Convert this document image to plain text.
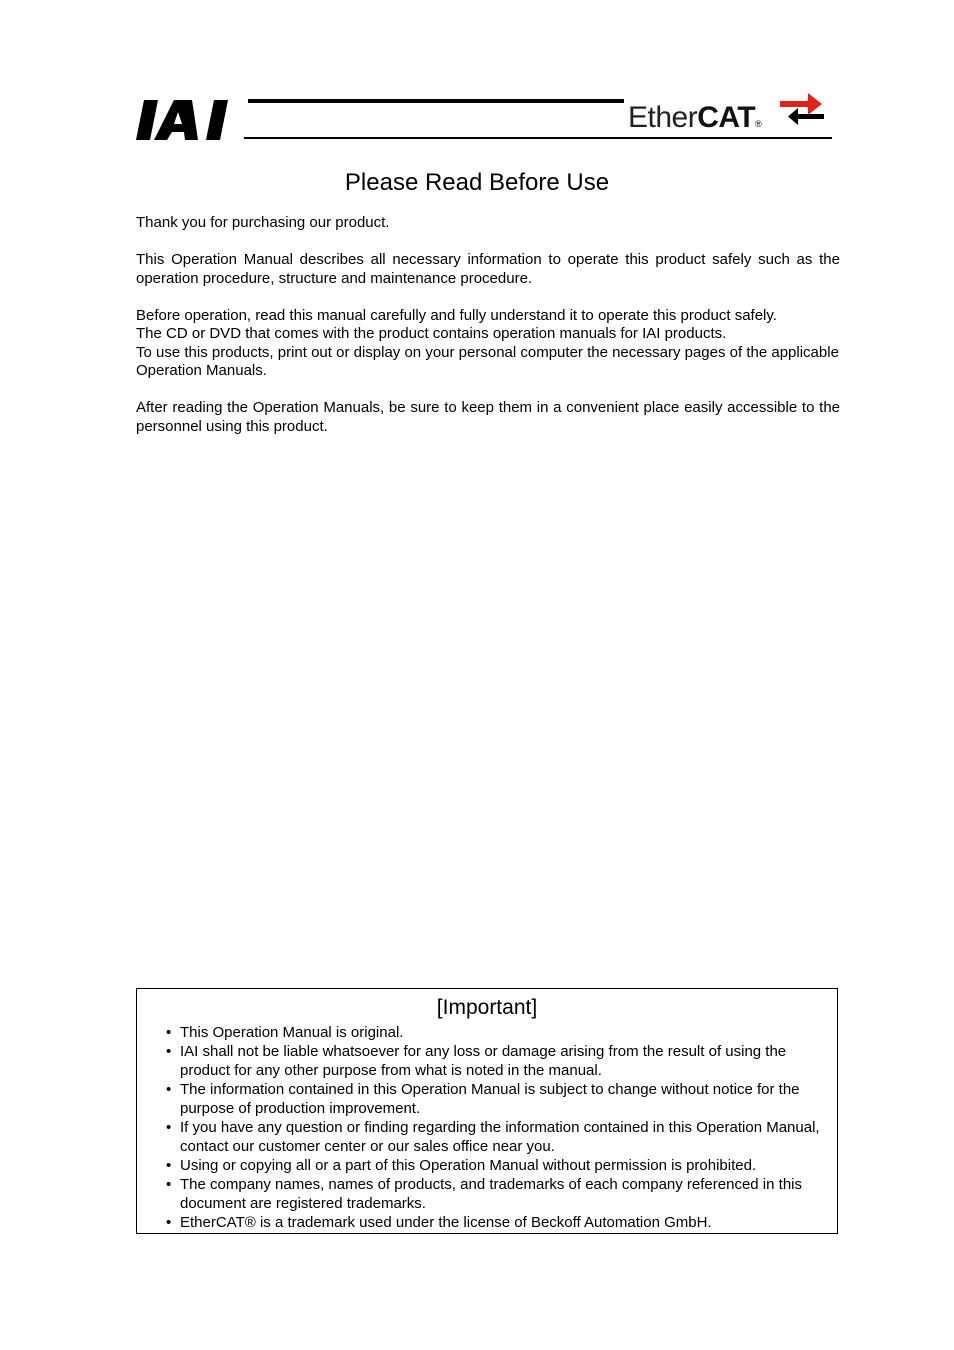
EtherCAT®
Please Read Before Use

Thank you for purchasing our product.

This Operation Manual describes all necessary information to operate this product safely such as the operation procedure, structure and maintenance procedure.

Before operation, read this manual carefully and fully understand it to operate this product safely.
The CD or DVD that comes with the product contains operation manuals for IAI products.
To use this products, print out or display on your personal computer the necessary pages of the applicable Operation Manuals.

After reading the Operation Manuals, be sure to keep them in a convenient place easily accessible to the personnel using this product.

[Important]
• This Operation Manual is original.
• IAI shall not be liable whatsoever for any loss or damage arising from the result of using the product for any other purpose from what is noted in the manual.
• The information contained in this Operation Manual is subject to change without notice for the purpose of production improvement.
• If you have any question or finding regarding the information contained in this Operation Manual, contact our customer center or our sales office near you.
• Using or copying all or a part of this Operation Manual without permission is prohibited.
• The company names, names of products, and trademarks of each company referenced in this document are registered trademarks.
• EtherCAT® is a trademark used under the license of Beckoff Automation GmbH.
